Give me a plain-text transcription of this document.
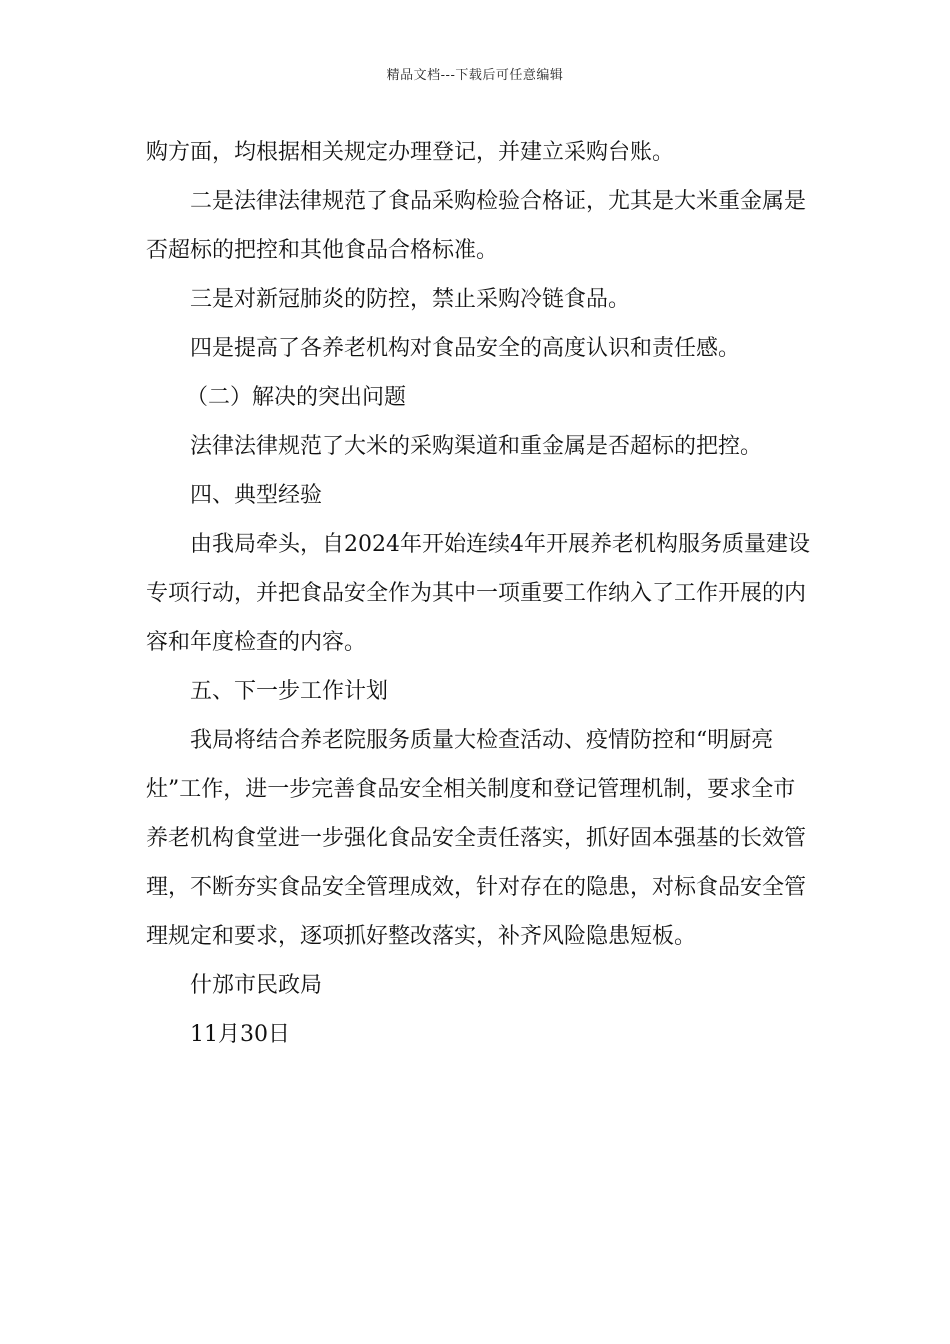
精品文档---下载后可任意编辑

购方面，均根据相关规定办理登记，并建立采购台账。

二是法律法律规范了食品采购检验合格证，尤其是大米重金属是否超标的把控和其他食品合格标准。

三是对新冠肺炎的防控，禁止采购冷链食品。

四是提高了各养老机构对食品安全的高度认识和责任感。

（二）解决的突出问题

法律法律规范了大米的采购渠道和重金属是否超标的把控。

四、典型经验

由我局牵头，自2024年开始连续4年开展养老机构服务质量建设专项行动，并把食品安全作为其中一项重要工作纳入了工作开展的内容和年度检查的内容。

五、下一步工作计划

我局将结合养老院服务质量大检查活动、疫情防控和“明厨亮灶”工作，进一步完善食品安全相关制度和登记管理机制，要求全市养老机构食堂进一步强化食品安全责任落实，抓好固本强基的长效管理，不断夯实食品安全管理成效，针对存在的隐患，对标食品安全管理规定和要求，逐项抓好整改落实，补齐风险隐患短板。

什邡市民政局

11月30日
